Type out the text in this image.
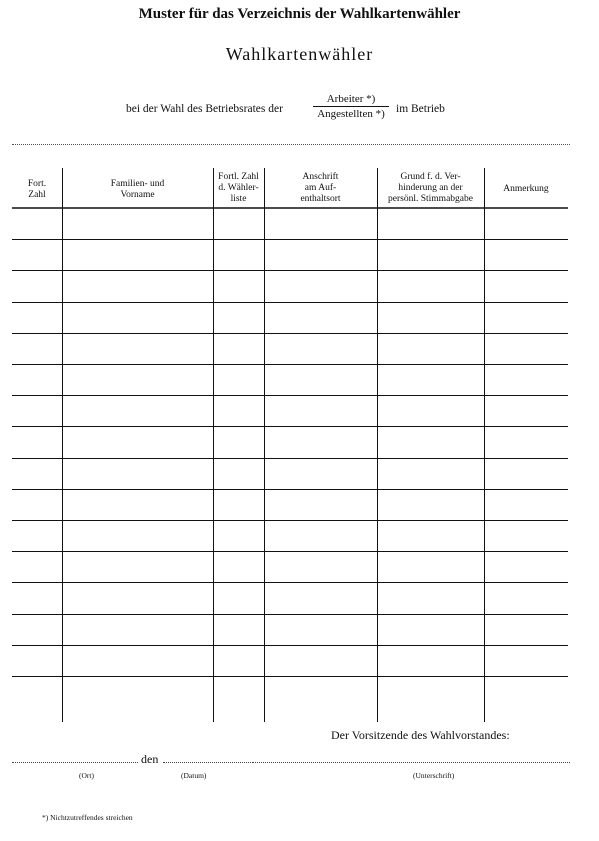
Muster für das Verzeichnis der Wahlkartenwähler
Wahlkartenwähler
bei der Wahl des Betriebsrates der
Arbeiter *)
Angestellten *) im Betrieb
Fort.
Zahl
Familien- und
Vorname
Fortl. Zahl
d. Wähler-
liste
Anschrift
am Auf-
enthaltsort
Grund f. d. Ver-
hinderung an der
persönl. Stimmabgabe
Anmerkung
Der Vorsitzende des Wahlvorstandes:
den
(Ort)	(Datum)	(Unterschrift)
*) Nichtzutreffendes streichen
